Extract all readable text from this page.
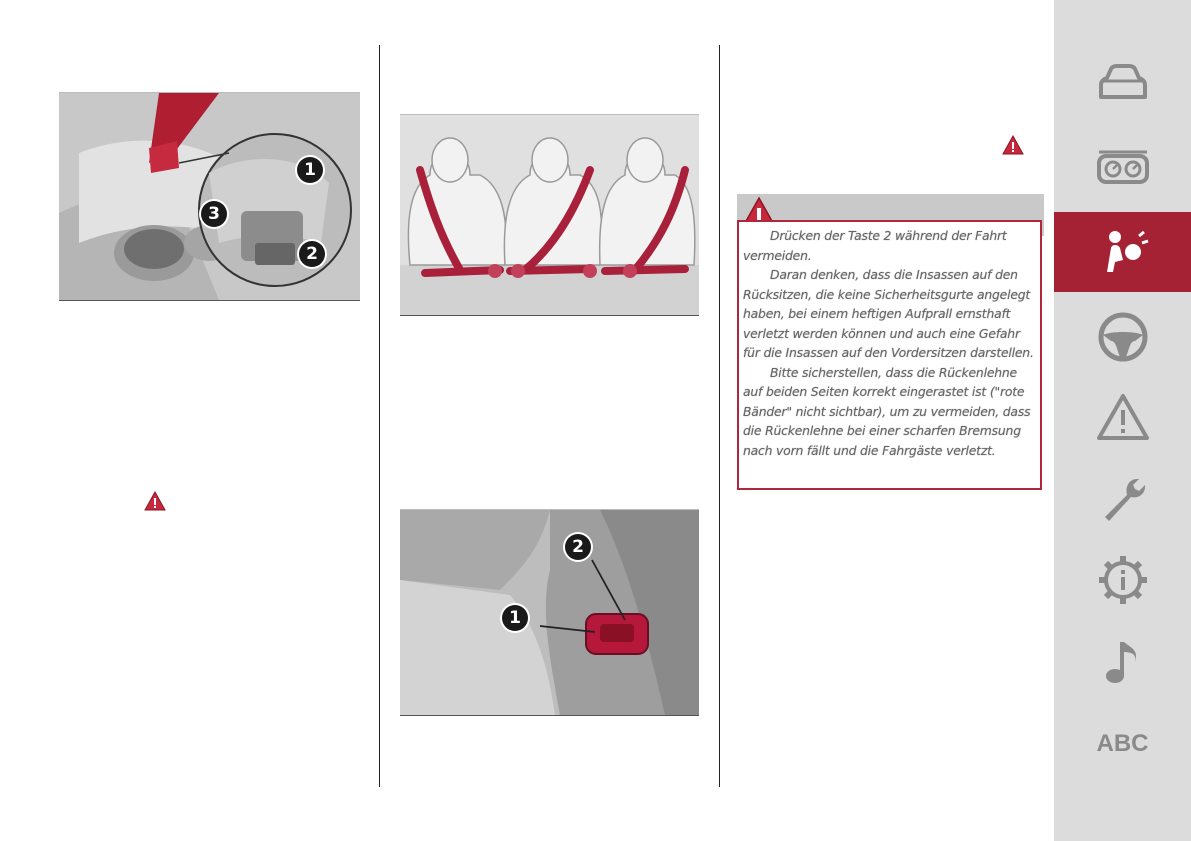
1
2
3
1
2

Drücken der Taste 2 während der Fahrt vermeiden.

Daran denken, dass die Insassen auf den Rücksitzen, die keine Sicherheitsgurte angelegt haben, bei einem heftigen Aufprall ernsthaft verletzt werden können und auch eine Gefahr für die Insassen auf den Vordersitzen darstellen.

Bitte sicherstellen, dass die Rückenlehne auf beiden Seiten korrekt eingerastet ist ("rote Bänder" nicht sichtbar), um zu vermeiden, dass die Rückenlehne bei einer scharfen Bremsung nach vorn fällt und die Fahrgäste verletzt.

ABC
